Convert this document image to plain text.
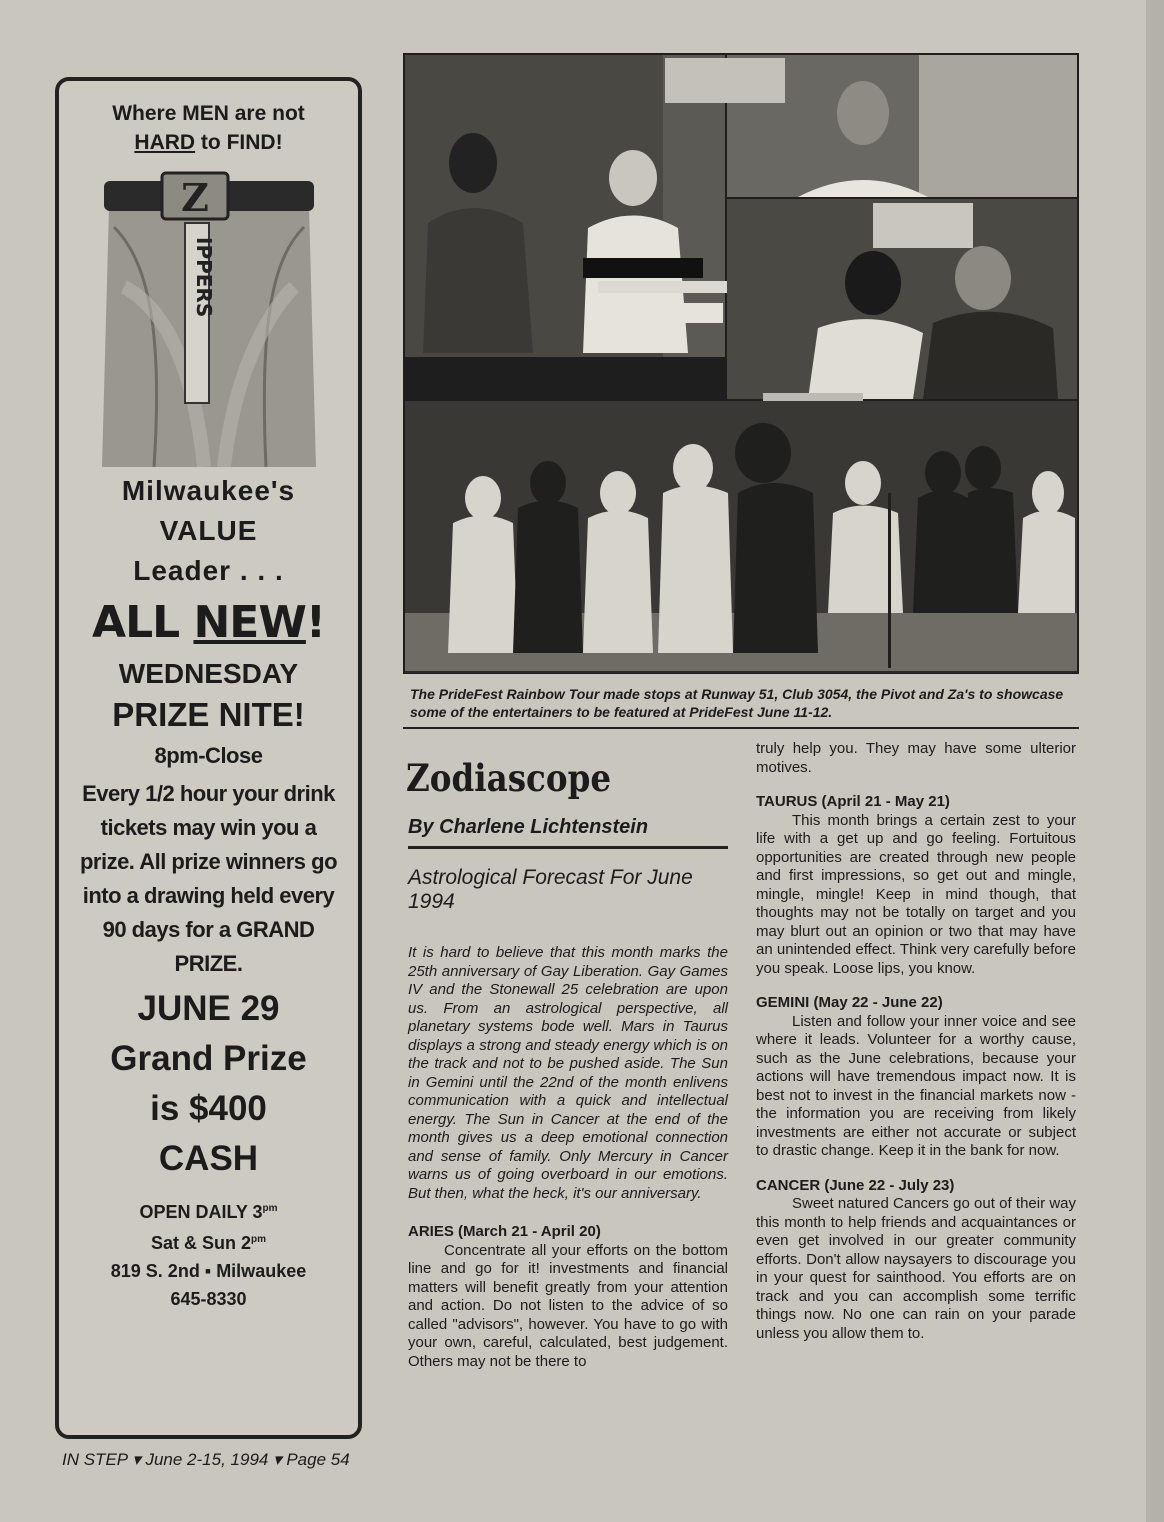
Where MEN are not
HARD to FIND!
Z
IPPERS
Milwaukee's
VALUE
Leader . . .
ALL NEW!
WEDNESDAY
PRIZE NITE!
8pm-Close
Every 1/2 hour your drink tickets may win you a prize. All prize winners go into a drawing held every 90 days for a GRAND PRIZE.
JUNE 29
Grand Prize
is $400
CASH
OPEN DAILY $3^{pm}$
Sat & Sun $2^{pm}$
819 S. 2nd ▪ Milwaukee
645-8330
The PrideFest Rainbow Tour made stops at Runway 51, Club 3054, the Pivot and Za's to showcase some of the entertainers to be featured at PrideFest June 11-12.
Zodiascope
By Charlene Lichtenstein
Astrological Forecast For June 1994

It is hard to believe that this month marks the 25th anniversary of Gay Liberation. Gay Games IV and the Stonewall 25 celebration are upon us. From an astrological perspective, all planetary systems bode well. Mars in Taurus displays a strong and steady energy which is on the track and not to be pushed aside. The Sun in Gemini until the 22nd of the month enlivens communication with a quick and intellectual energy. The Sun in Cancer at the end of the month gives us a deep emotional connection and sense of family. Only Mercury in Cancer warns us of going overboard in our emotions. But then, what the heck, it's our anniversary.

ARIES (March 21 - April 20)

Concentrate all your efforts on the bottom line and go for it! investments and financial matters will benefit greatly from your attention and action. Do not listen to the advice of so called "advisors", however. You have to go with your own, careful, calculated, best judgement. Others may not be there to

truly help you. They may have some ulterior motives.

TAURUS (April 21 - May 21)

This month brings a certain zest to your life with a get up and go feeling. Fortuitous opportunities are created through new people and first impressions, so get out and mingle, mingle, mingle! Keep in mind though, that thoughts may not be totally on target and you may blurt out an opinion or two that may have an unintended effect. Think very carefully before you speak. Loose lips, you know.

GEMINI (May 22 - June 22)

Listen and follow your inner voice and see where it leads. Volunteer for a worthy cause, such as the June celebrations, because your actions will have tremendous impact now. It is best not to invest in the financial markets now - the information you are receiving from likely investments are either not accurate or subject to drastic change. Keep it in the bank for now.

CANCER (June 22 - July 23)

Sweet natured Cancers go out of their way this month to help friends and acquaintances or even get involved in our greater community efforts. Don't allow naysayers to discourage you in your quest for sainthood. You efforts are on track and you can accomplish some terrific things now. No one can rain on your parade unless you allow them to.

IN STEP ▾ June 2-15, 1994 ▾ Page 54
